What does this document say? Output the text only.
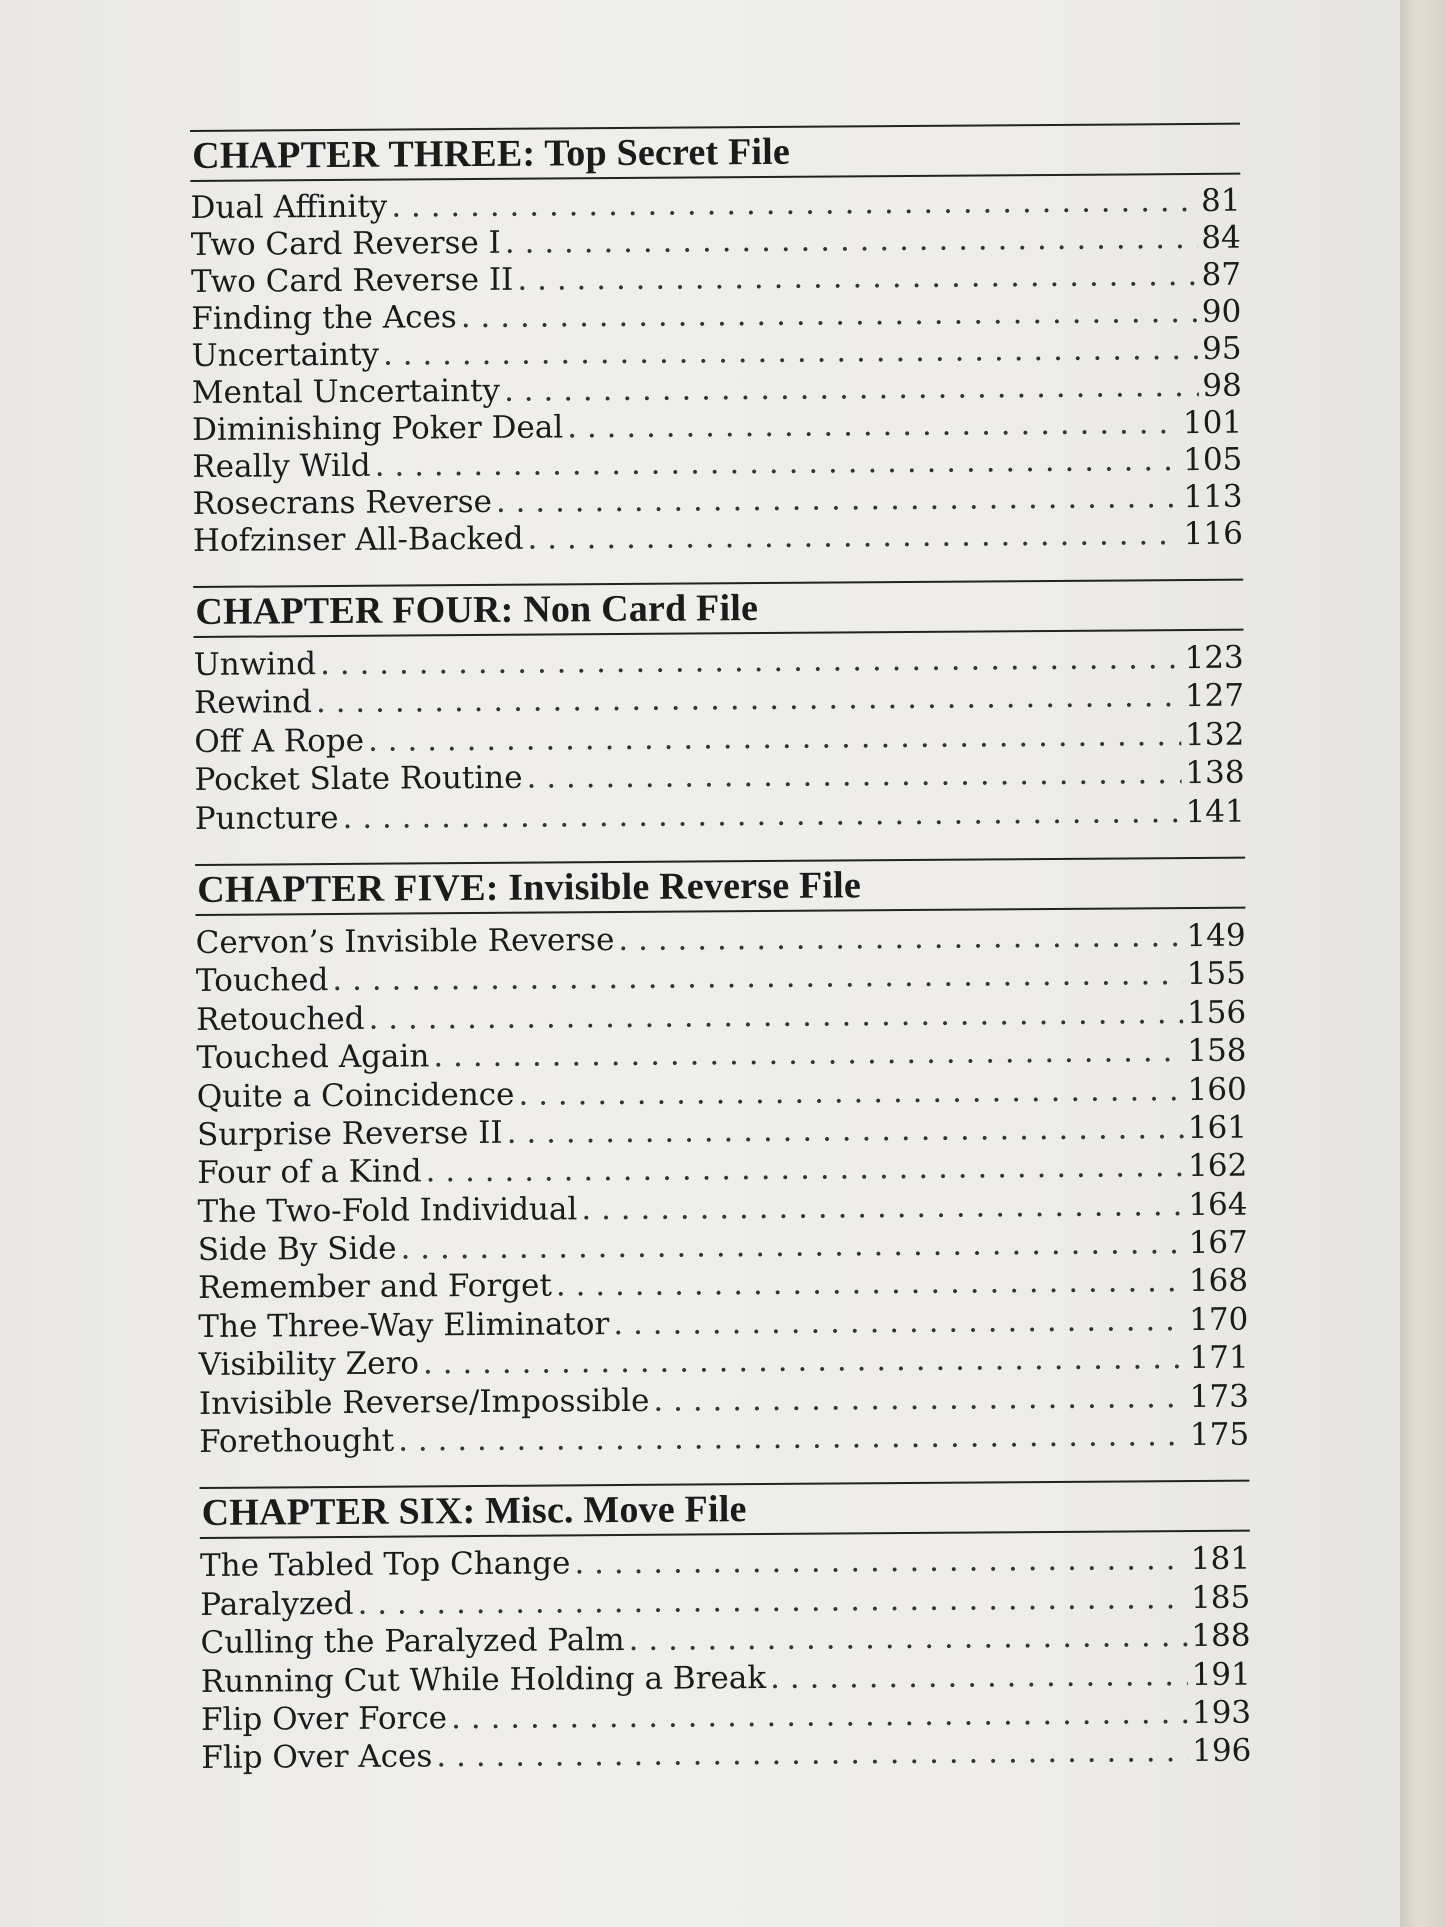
CHAPTER THREE: Top Secret File
Dual Affinity . . .	81
Two Card Reverse I . . .	84
Two Card Reverse II . . .	87
Finding the Aces . . .	90
Uncertainty . . .	95
Mental Uncertainty . . .	98
Diminishing Poker Deal . . .	101
Really Wild . . .	105
Rosecrans Reverse . . .	113
Hofzinser All-Backed . . .	116
CHAPTER FOUR: Non Card File
Unwind . . .	123
Rewind . . .	127
Off A Rope . . .	132
Pocket Slate Routine . . .	138
Puncture . . .	141
CHAPTER FIVE: Invisible Reverse File
Cervon’s Invisible Reverse . . .	149
Touched . . .	155
Retouched . . .	156
Touched Again . . .	158
Quite a Coincidence . . .	160
Surprise Reverse II . . .	161
Four of a Kind . . .	162
The Two-Fold Individual . . .	164
Side By Side . . .	167
Remember and Forget . . .	168
The Three-Way Eliminator . . .	170
Visibility Zero . . .	171
Invisible Reverse/Impossible . . .	173
Forethought . . .	175
CHAPTER SIX: Misc. Move File
The Tabled Top Change . . .	181
Paralyzed . . .	185
Culling the Paralyzed Palm . . .	188
Running Cut While Holding a Break . . .	191
Flip Over Force . . .	193
Flip Over Aces . . .	196
